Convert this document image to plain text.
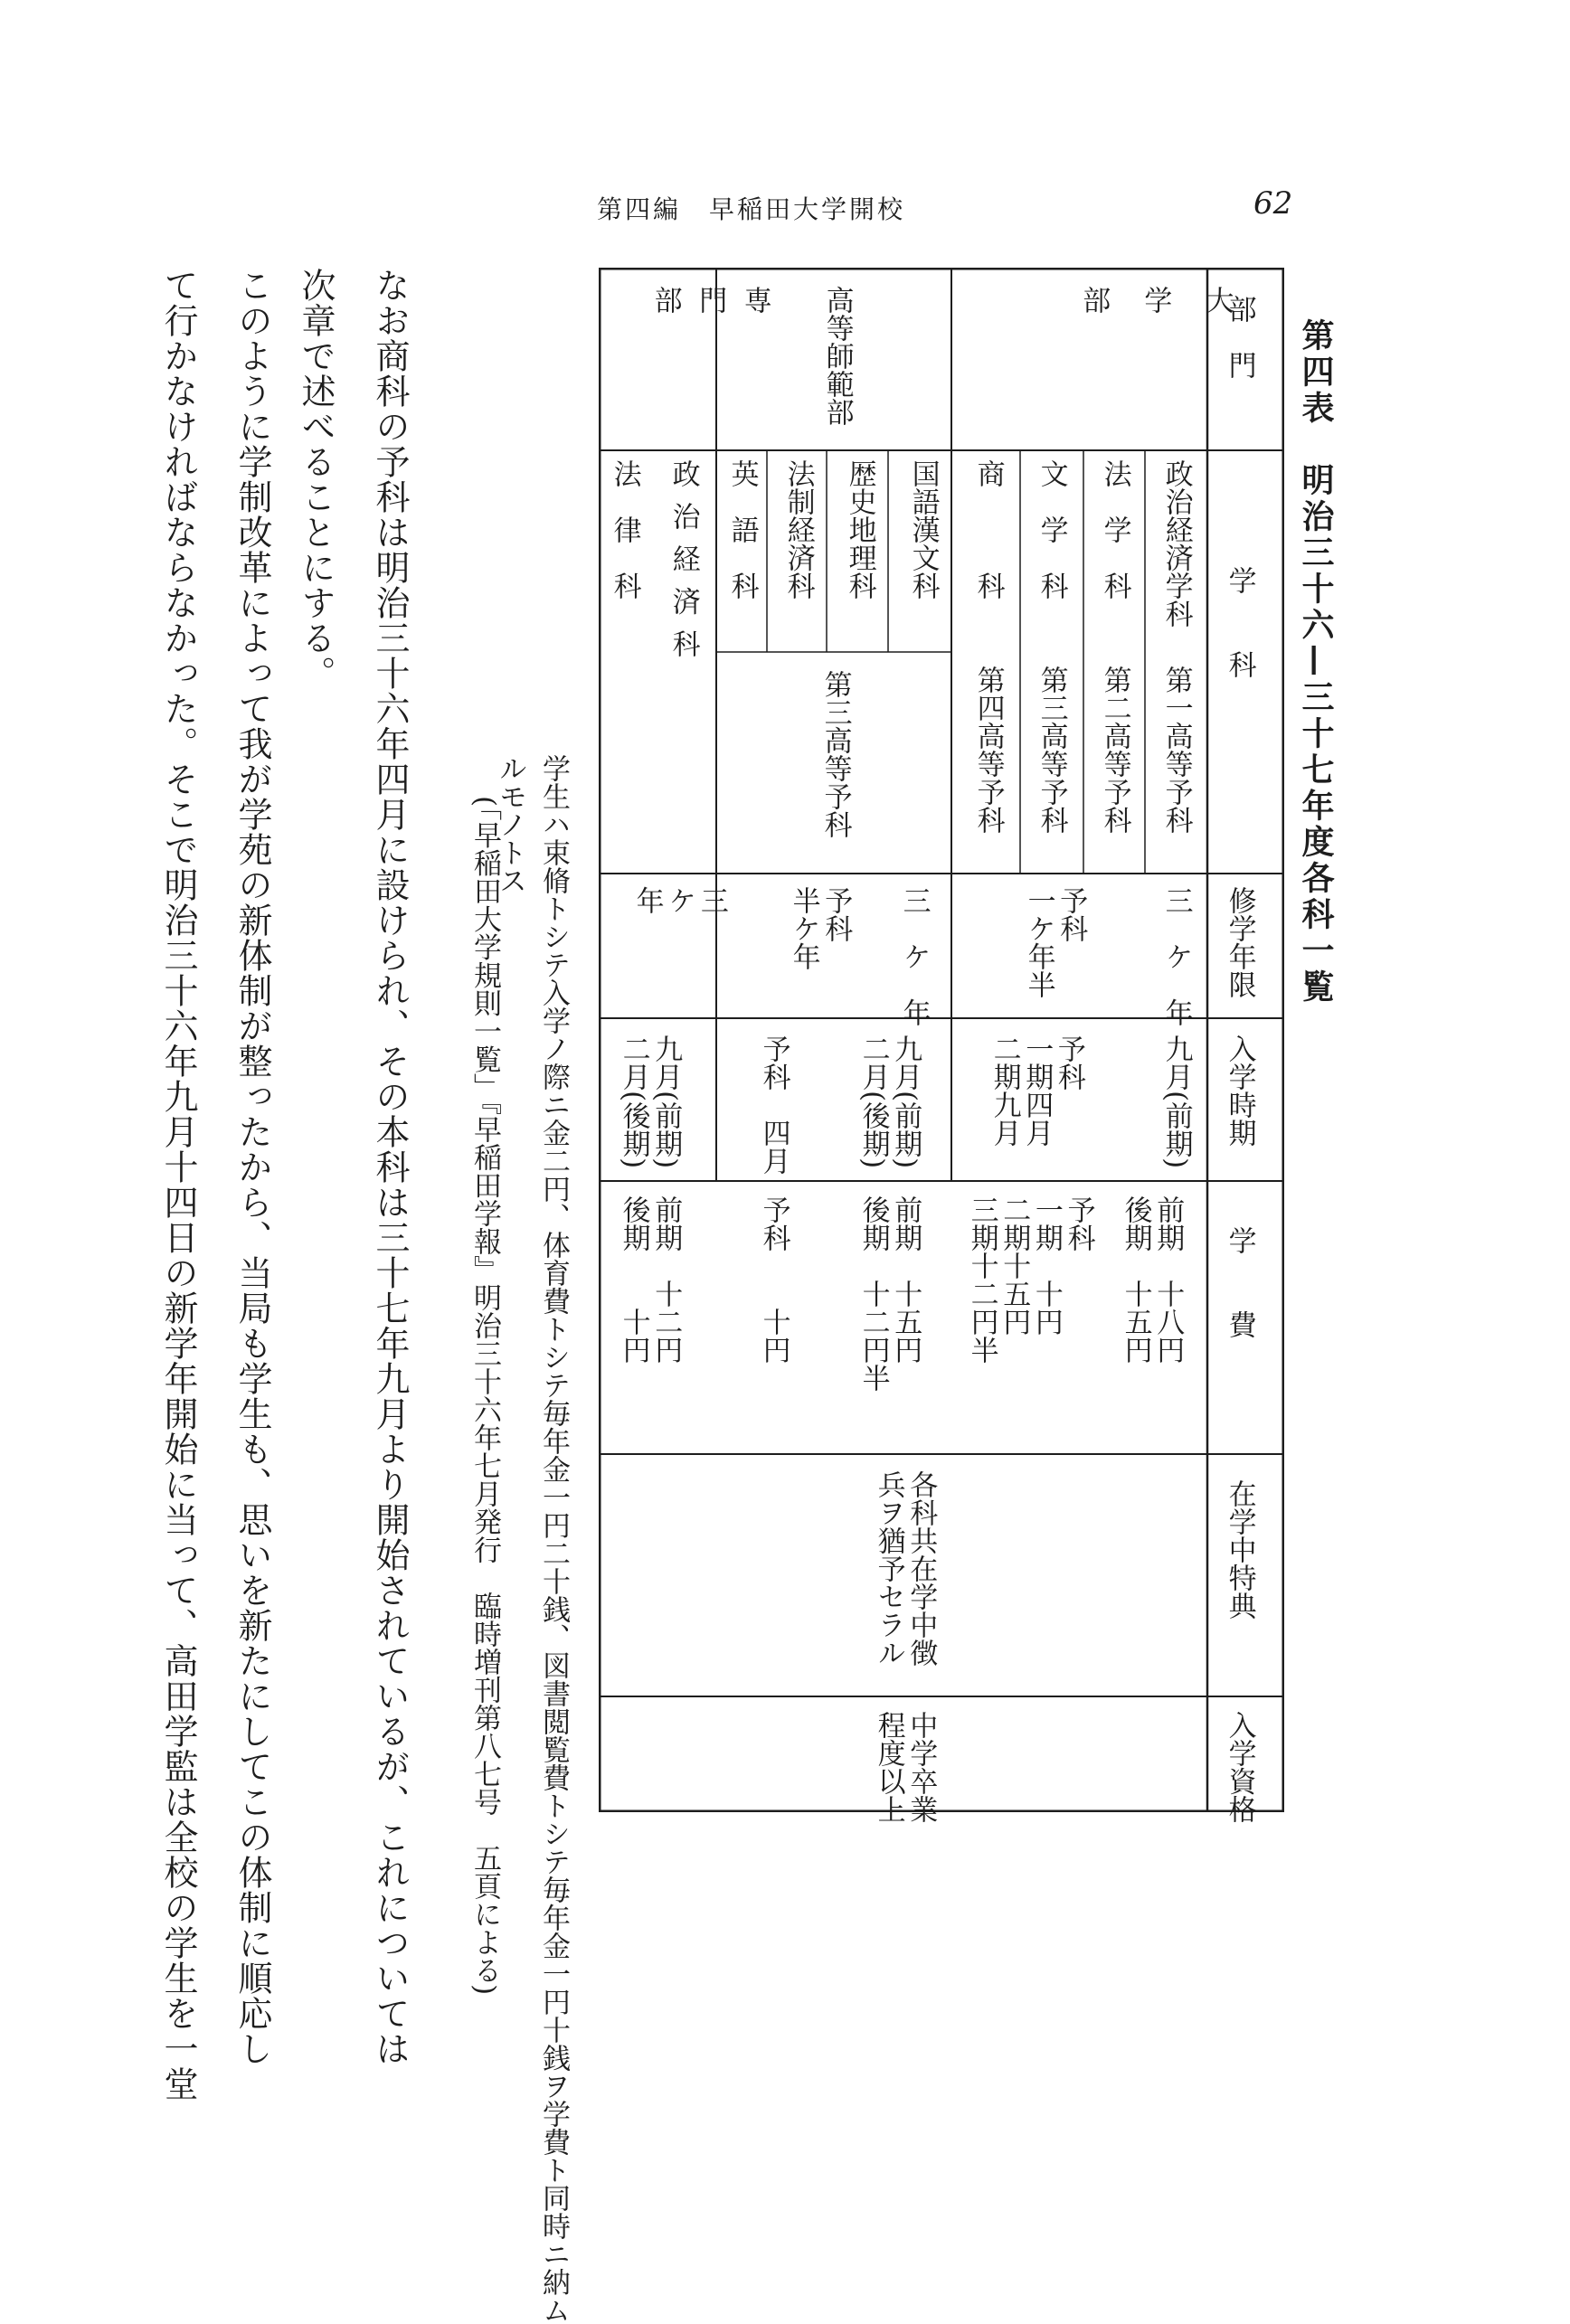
第四編　早稲田大学開校	62
第四表　明治三十六—三十七年度各科一覧
部　門
学　　科
修学年限
入学時期
学　　費
在学中特典
入学資格
大
学
部
政治経済学科
法　学　科
文　学　科
商　　　科
第一高等予科
第二高等予科
第三高等予科
第四高等予科
三　ケ　年
予科
一ケ年半
九月(前期)
予科
一期四月
二期九月
前期　十八円
後期　十五円
予科
一期　十円
二期十五円
三期十二円半
高等師範部
国語漢文科
歴史地理科
法制経済科
英　語　科
第三高等予科
三　ケ　年
予科
半ケ年
九月(前期)
二月(後期)
予科　四月
前期　十五円
後期　十二円半
予科　　十円
専
門
部
政治経済科
法　律　科
三
ケ
年
九月(前期)
二月(後期)
前期　十二円
後期　　十円
各科共在学中徴
兵ヲ猶予セラル
中学卒業
程度以上
学生ハ束脩トシテ入学ノ際ニ金二円、体育費トシテ毎年金一円二十銭、図書閲覧費トシテ毎年金一円十銭ヲ学費ト同時ニ納ム
ルモノトス
(「早稲田大学規則一覧」『早稲田学報』明治三十六年七月発行　臨時増刊第八七号　五頁による)
なお商科の予科は明治三十六年四月に設けられ、その本科は三十七年九月より開始されているが、これについては
次章で述べることにする。
このように学制改革によって我が学苑の新体制が整ったから、当局も学生も、思いを新たにしてこの体制に順応し
て行かなければならなかった。そこで明治三十六年九月十四日の新学年開始に当って、高田学監は全校の学生を一堂
